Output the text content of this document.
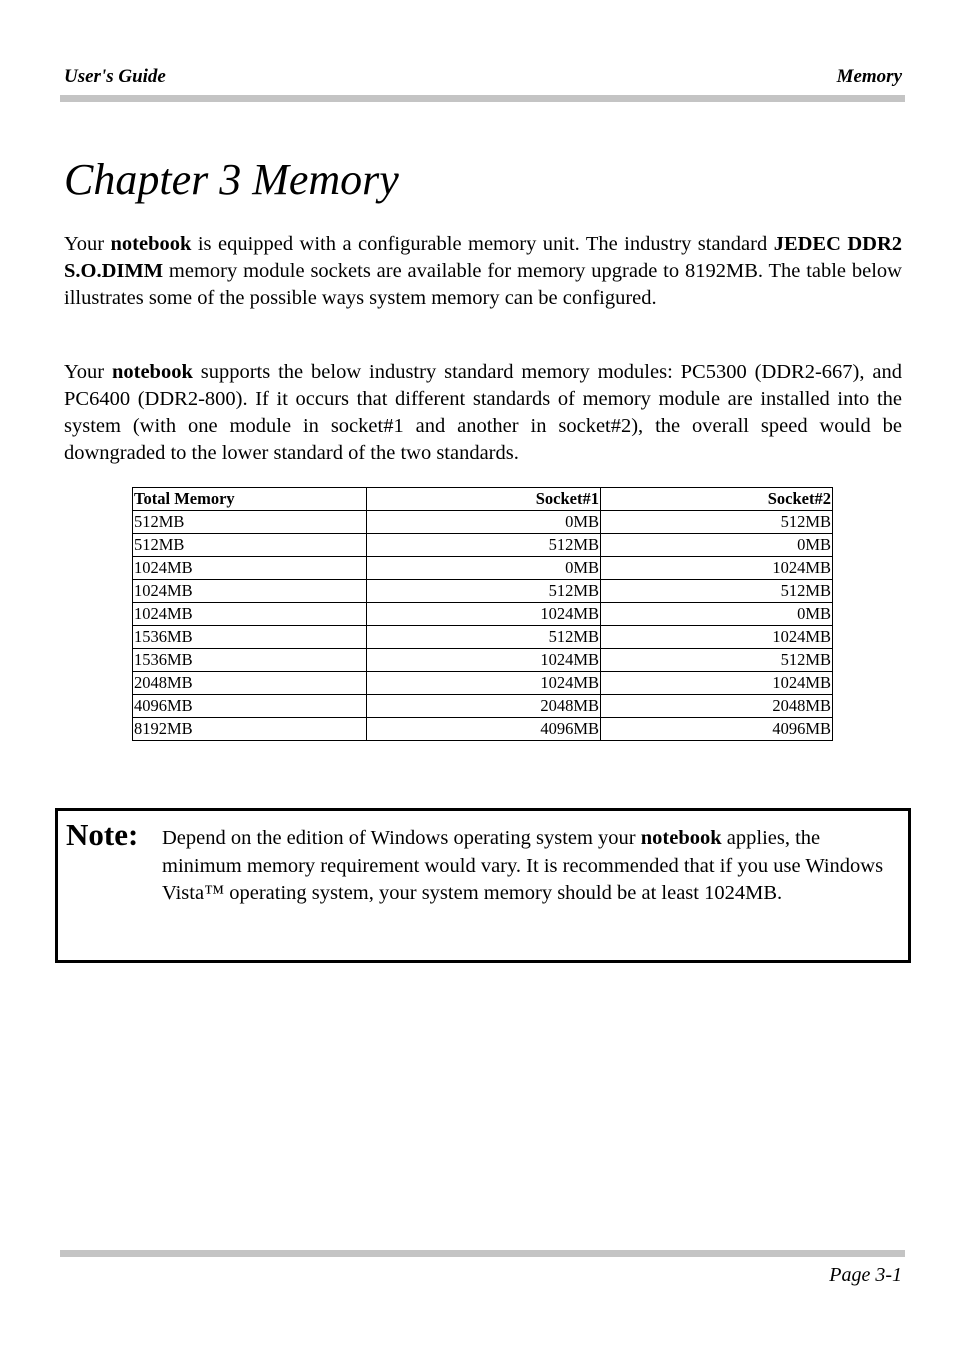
User's Guide	Memory
Chapter 3 Memory

Your notebook is equipped with a configurable memory unit. The industry standard JEDEC DDR2 S.O.DIMM memory module sockets are available for memory upgrade to 8192MB. The table below illustrates some of the possible ways system memory can be configured.

Your notebook supports the below industry standard memory modules: PC5300 (DDR2-667), and PC6400 (DDR2-800). If it occurs that different standards of memory module are installed into the system (with one module in socket#1 and another in socket#2), the overall speed would be downgraded to the lower standard of the two standards.

Total Memory	Socket#1	Socket#2
512MB	0MB	512MB
512MB	512MB	0MB
1024MB	0MB	1024MB
1024MB	512MB	512MB
1024MB	1024MB	0MB
1536MB	512MB	1024MB
1536MB	1024MB	512MB
2048MB	1024MB	1024MB
4096MB	2048MB	2048MB
8192MB	4096MB	4096MB
Note: Depend on the edition of Windows operating system your notebook applies, the minimum memory requirement would vary. It is recommended that if you use Windows Vista™ operating system, your system memory should be at least 1024MB.

Page 3-1
